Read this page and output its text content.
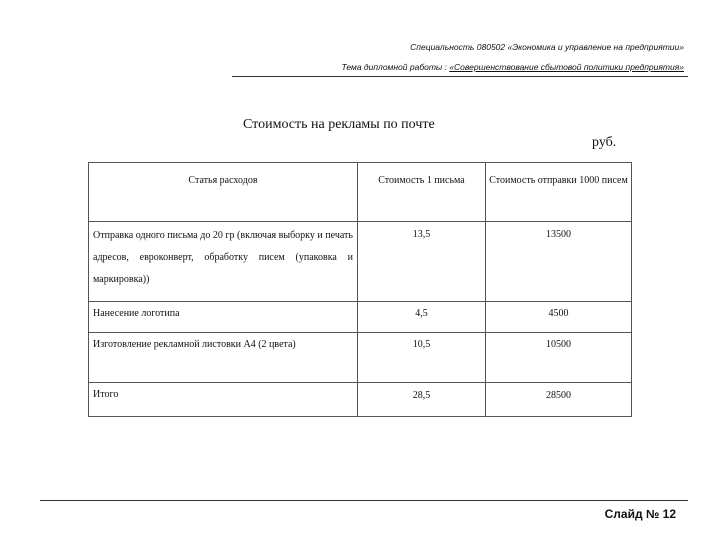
Специальность 080502 «Экономика и управление на предприятии»
Тема дипломной работы : «Совершенствование сбытовой политики предприятия»
Стоимость на рекламы по почте
руб.
Статья расходов	Стоимость 1 письма	Стоимость отправки 1000 писем
Отправка одного письма до 20 гр (включая выборку и печать адресов, евроконверт, обработку писем (упаковка и маркировка))	13,5	13500
Нанесение логотипа	4,5	4500
Изготовление рекламной листовки А4 (2 цвета)	10,5	10500
Итого	28,5	28500
Слайд № 12
